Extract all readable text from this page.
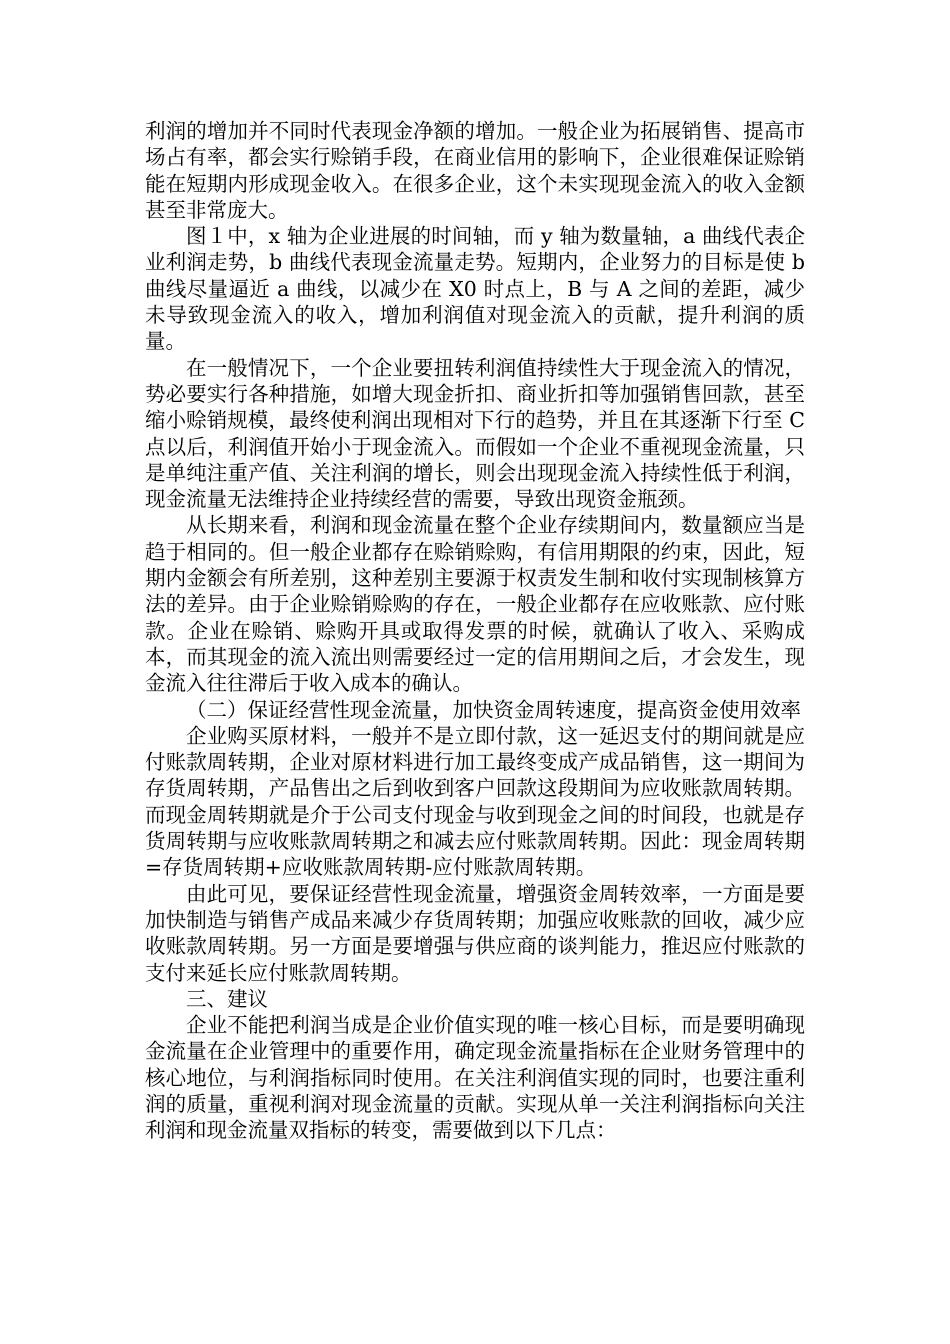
利润的增加并不同时代表现金净额的增加。一般企业为拓展销售、提高市场占有率，都会实行赊销手段，在商业信用的影响下，企业很难保证赊销能在短期内形成现金收入。在很多企业，这个未实现现金流入的收入金额甚至非常庞大。

图１中，x 轴为企业进展的时间轴，而 y 轴为数量轴，a 曲线代表企业利润走势，b 曲线代表现金流量走势。短期内，企业努力的目标是使 b 曲线尽量逼近 a 曲线，以减少在 X0 时点上，B 与 A 之间的差距，减少未导致现金流入的收入，增加利润值对现金流入的贡献，提升利润的质量。

在一般情况下，一个企业要扭转利润值持续性大于现金流入的情况，势必要实行各种措施，如增大现金折扣、商业折扣等加强销售回款，甚至缩小赊销规模，最终使利润出现相对下行的趋势，并且在其逐渐下行至 C 点以后，利润值开始小于现金流入。而假如一个企业不重视现金流量，只是单纯注重产值、关注利润的增长，则会出现现金流入持续性低于利润，现金流量无法维持企业持续经营的需要，导致出现资金瓶颈。

从长期来看，利润和现金流量在整个企业存续期间内，数量额应当是趋于相同的。但一般企业都存在赊销赊购，有信用期限的约束，因此，短期内金额会有所差别，这种差别主要源于权责发生制和收付实现制核算方法的差异。由于企业赊销赊购的存在，一般企业都存在应收账款、应付账款。企业在赊销、赊购开具或取得发票的时候，就确认了收入、采购成本，而其现金的流入流出则需要经过一定的信用期间之后，才会发生，现金流入往往滞后于收入成本的确认。

（二）保证经营性现金流量，加快资金周转速度，提高资金使用效率

企业购买原材料，一般并不是立即付款，这一延迟支付的期间就是应付账款周转期，企业对原材料进行加工最终变成产成品销售，这一期间为存货周转期，产品售出之后到收到客户回款这段期间为应收账款周转期。而现金周转期就是介于公司支付现金与收到现金之间的时间段，也就是存货周转期与应收账款周转期之和减去应付账款周转期。因此：现金周转期=存货周转期+应收账款周转期-应付账款周转期。

由此可见，要保证经营性现金流量，增强资金周转效率，一方面是要加快制造与销售产成品来减少存货周转期；加强应收账款的回收，减少应收账款周转期。另一方面是要增强与供应商的谈判能力，推迟应付账款的支付来延长应付账款周转期。

三、建议

企业不能把利润当成是企业价值实现的唯一核心目标，而是要明确现金流量在企业管理中的重要作用，确定现金流量指标在企业财务管理中的核心地位，与利润指标同时使用。在关注利润值实现的同时，也要注重利润的质量，重视利润对现金流量的贡献。实现从单一关注利润指标向关注利润和现金流量双指标的转变，需要做到以下几点：
